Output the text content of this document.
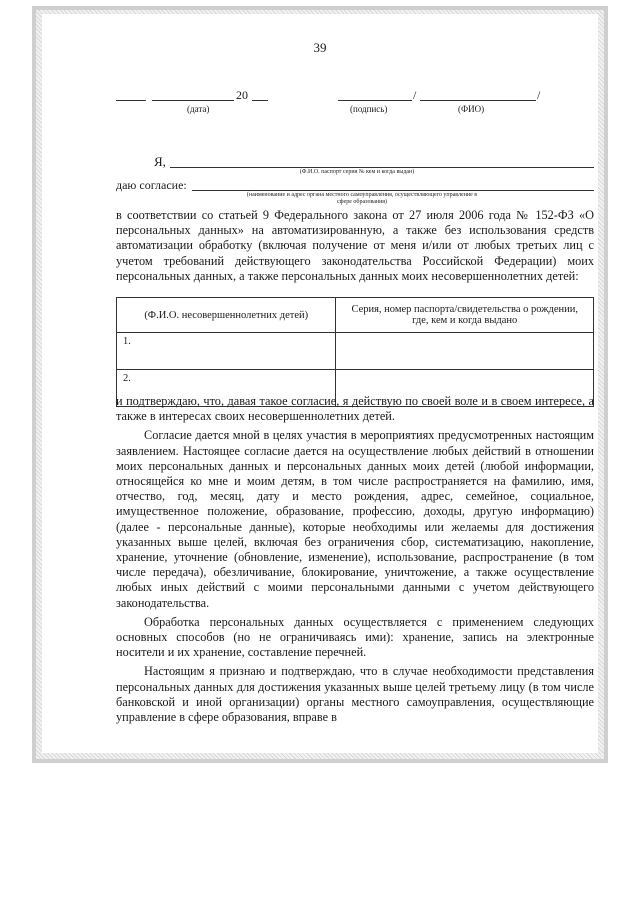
39
20
(дата)
/	/
(подпись)	(ФИО)
Я,
(Ф.И.О. паспорт серия № кем и когда выдан)
даю согласие:
(наименование и адрес органа местного самоуправления, осуществляющего управление в сфере образования)
в соответствии со статьей 9 Федерального закона от 27 июля 2006 года № 152-ФЗ «О персональных данных» на автоматизированную, а также без использования средств автоматизации обработку (включая получение от меня и/или от любых третьих лиц с учетом требований действующего законодательства Российской Федерации) моих персональных данных, а также персональных данных моих несовершеннолетних детей:
(Ф.И.О. несовершеннолетних детей)	Серия, номер паспорта/свидетельства о рождении, где, кем и когда выдано
1.	
2.	

и подтверждаю, что, давая такое согласие, я действую по своей воле и в своем интересе, а также в интересах своих несовершеннолетних детей.

Согласие дается мной в целях участия в мероприятиях предусмотренных настоящим заявлением. Настоящее согласие дается на осуществление любых действий в отношении моих персональных данных и персональных данных моих детей (любой информации, относящейся ко мне и моим детям, в том числе распространяется на фамилию, имя, отчество, год, месяц, дату и место рождения, адрес, семейное, социальное, имущественное положение, образование, профессию, доходы, другую информацию) (далее - персональные данные), которые необходимы или желаемы для достижения указанных выше целей, включая без ограничения сбор, систематизацию, накопление, хранение, уточнение (обновление, изменение), использование, распространение (в том числе передача), обезличивание, блокирование, уничтожение, а также осуществление любых иных действий с моими персональными данными с учетом действующего законодательства.

Обработка персональных данных осуществляется с применением следующих основных способов (но не ограничиваясь ими): хранение, запись на электронные носители и их хранение, составление перечней.

Настоящим я признаю и подтверждаю, что в случае необходимости представления персональных данных для достижения указанных выше целей третьему лицу (в том числе банковской и иной организации) органы местного самоуправления, осуществляющие управление в сфере образования, вправе в
